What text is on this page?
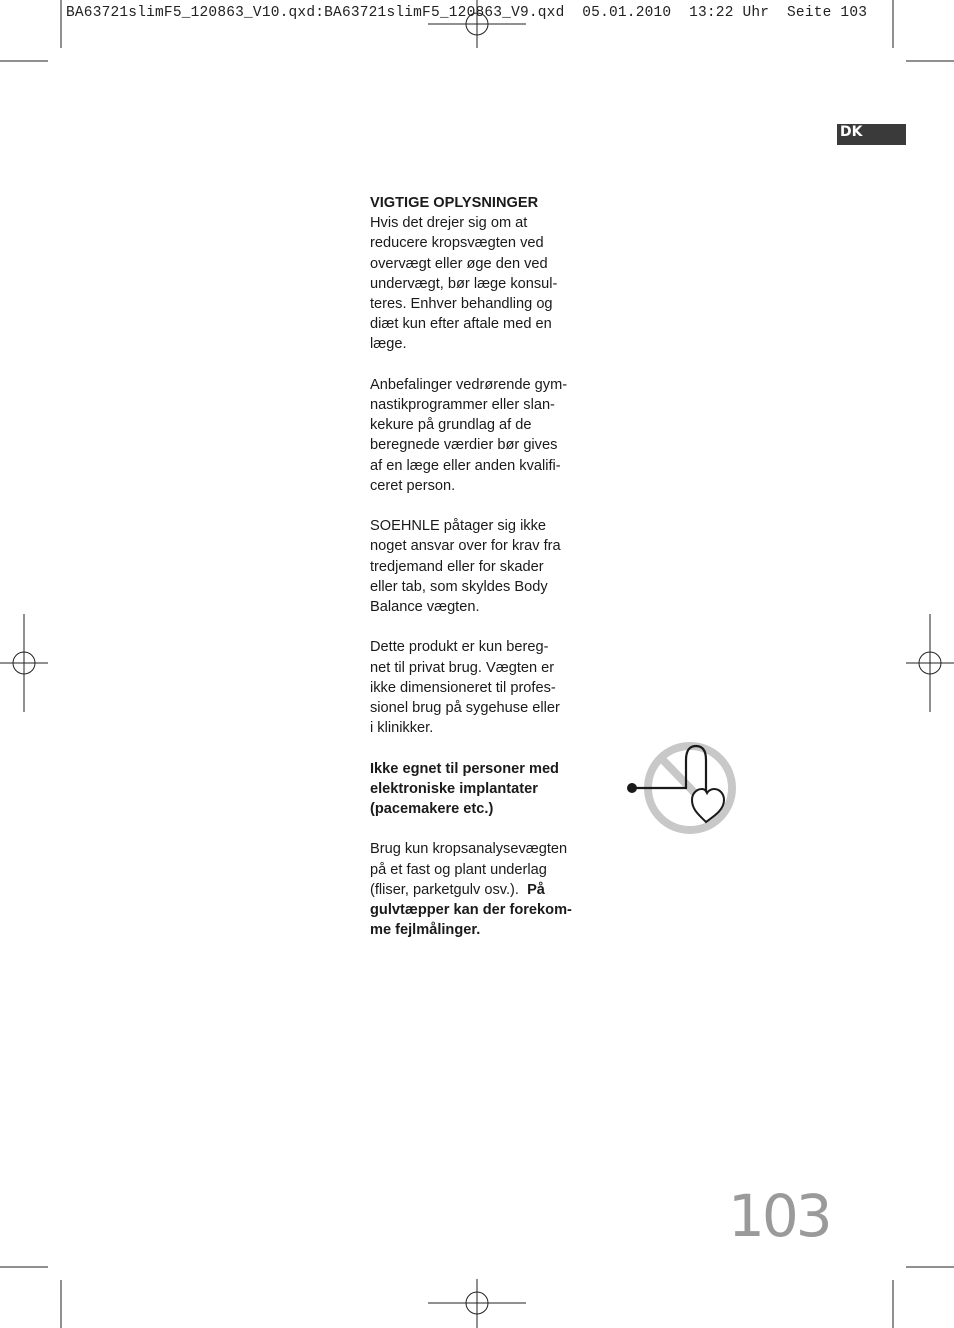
BA63721slimF5_120863_V10.qxd:BA63721slimF5_120863_V9.qxd  05.01.2010  13:22 Uhr  Seite 103
DK
VIGTIGE OPLYSNINGER
Hvis det drejer sig om at
reducere kropsvægten ved
overvægt eller øge den ved
undervægt, bør læge konsul-
teres. Enhver behandling og
diæt kun efter aftale med en
læge.
Anbefalinger vedrørende gym-
nastikprogrammer eller slan-
kekure på grundlag af de
beregnede værdier bør gives
af en læge eller anden kvalifi-
ceret person.
SOEHNLE påtager sig ikke
noget ansvar over for krav fra
tredjemand eller for skader
eller tab, som skyldes Body
Balance vægten.
Dette produkt er kun bereg-
net til privat brug. Vægten er
ikke dimensioneret til profes-
sionel brug på sygehuse eller
i klinikker.
Ikke egnet til personer med
elektroniske implantater
(pacemakere etc.)
Brug kun kropsanalysevægten
på et fast og plant underlag
(fliser, parketgulv osv.). På
gulvtæpper kan der forekom-
me fejlmålinger.
103
